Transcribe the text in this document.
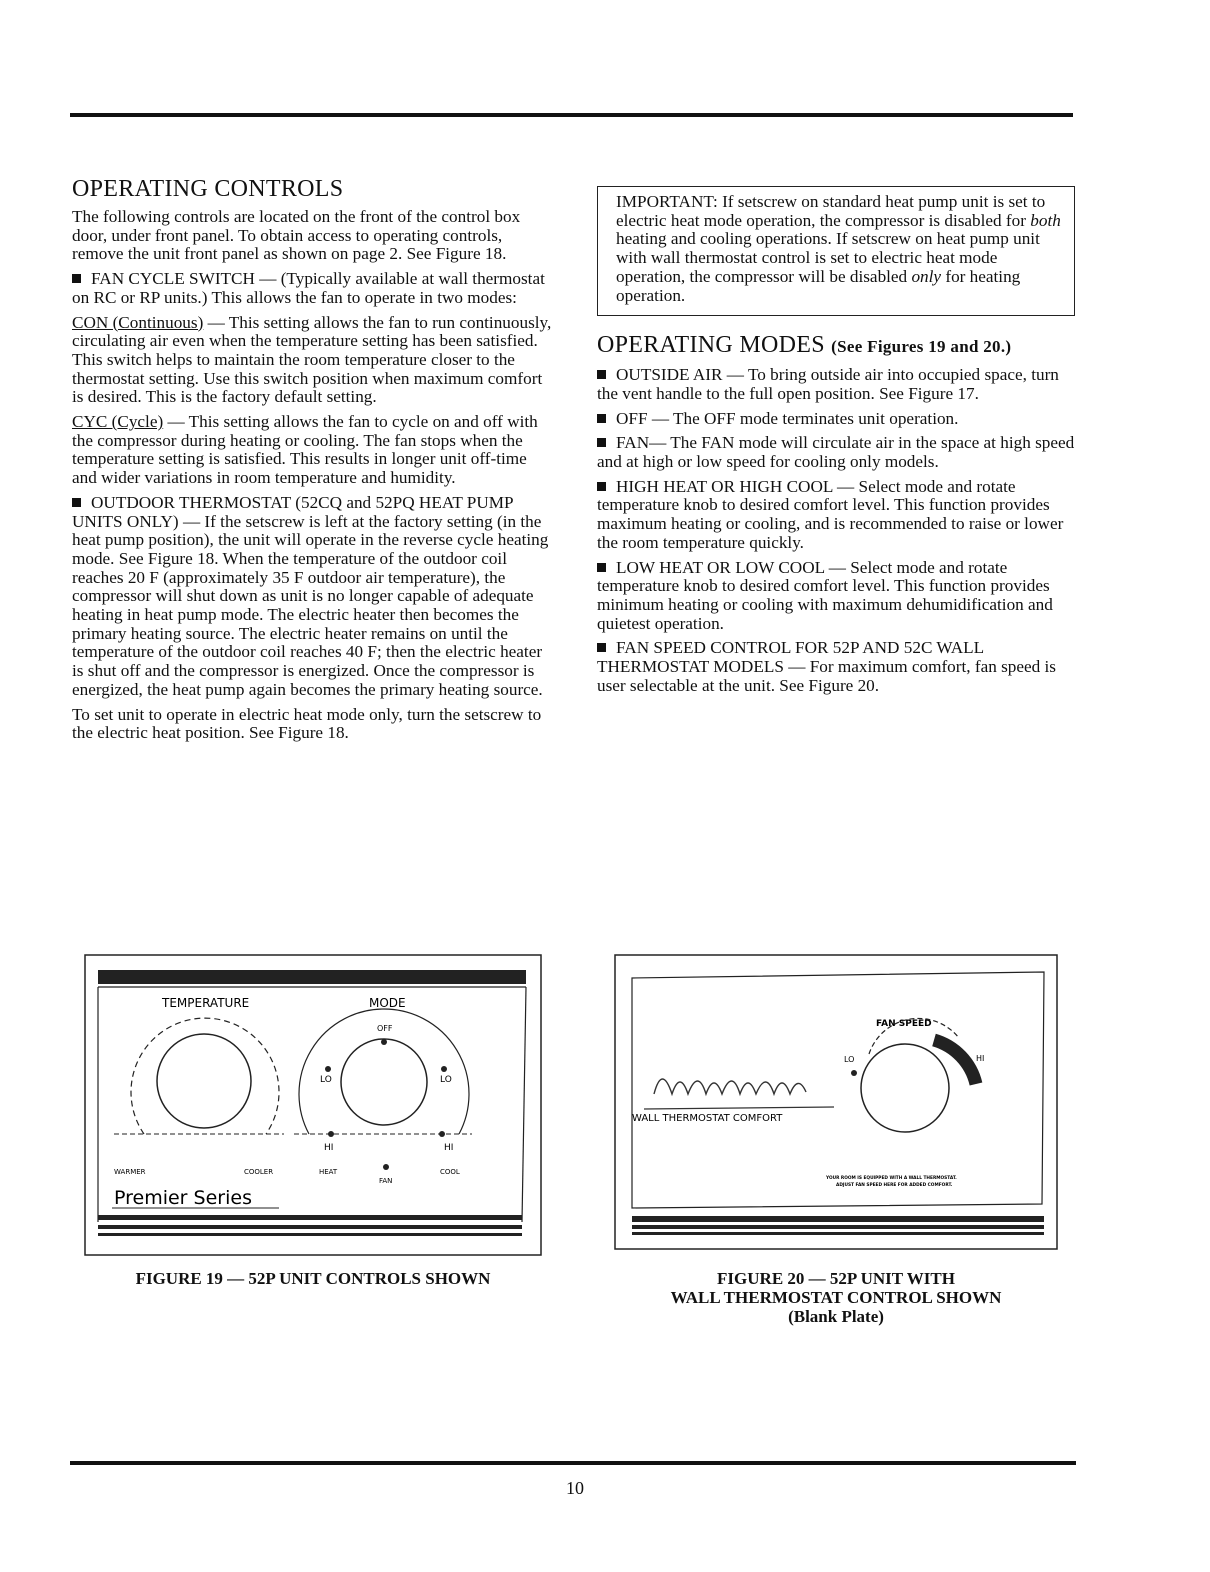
OPERATING CONTROLS

The following controls are located on the front of the control box door, under front panel. To obtain access to operating controls, remove the unit front panel as shown on page 2. See Figure 18.

FAN CYCLE SWITCH — (Typically available at wall thermostat on RC or RP units.) This allows the fan to operate in two modes:

CON (Continuous) — This setting allows the fan to run continuously, circulating air even when the temperature setting has been satisfied. This switch helps to maintain the room temperature closer to the thermostat setting. Use this switch position when maximum comfort is desired. This is the factory default setting.

CYC (Cycle) — This setting allows the fan to cycle on and off with the compressor during heating or cooling. The fan stops when the temperature setting is satisfied. This results in longer unit off-time and wider variations in room temperature and humidity.

OUTDOOR THERMOSTAT (52CQ and 52PQ HEAT PUMP UNITS ONLY) — If the setscrew is left at the factory setting (in the heat pump position), the unit will operate in the reverse cycle heating mode. See Figure 18. When the temperature of the outdoor coil reaches 20 F (approximately 35 F outdoor air temperature), the compressor will shut down as unit is no longer capable of adequate heating in heat pump mode. The electric heater then becomes the primary heating source. The electric heater remains on until the temperature of the outdoor coil reaches 40 F; then the electric heater is shut off and the compressor is energized. Once the compressor is energized, the heat pump again becomes the primary heating source.

To set unit to operate in electric heat mode only, turn the setscrew to the electric heat position. See Figure 18.

IMPORTANT: If setscrew on standard heat pump unit is set to electric heat mode operation, the compressor is disabled for both heating and cooling operations. If setscrew on heat pump unit with wall thermostat control is set to electric heat mode operation, the compressor will be disabled only for heating operation.
OPERATING MODES (See Figures 19 and 20.)

OUTSIDE AIR — To bring outside air into occupied space, turn the vent handle to the full open position. See Figure 17.

OFF — The OFF mode terminates unit operation.

FAN— The FAN mode will circulate air in the space at high speed and at high or low speed for cooling only models.

HIGH HEAT OR HIGH COOL — Select mode and rotate temperature knob to desired comfort level. This function provides maximum heating or cooling, and is recommended to raise or lower the room temperature quickly.

LOW HEAT OR LOW COOL — Select mode and rotate temperature knob to desired comfort level. This function provides minimum heating or cooling with maximum dehumidification and quietest operation.

FAN SPEED CONTROL FOR 52P AND 52C WALL THERMOSTAT MODELS — For maximum comfort, fan speed is user selectable at the unit. See Figure 20.

TEMPERATURE	MODE
OFF
LO	LO
HI	HI
WARMER	COOLER	HEAT
FAN
COOL
Premier Series
FIGURE 19 — 52P UNIT CONTROLS SHOWN
FAN SPEED
LO	HI
WALL THERMOSTAT COMFORT
YOUR ROOM IS EQUIPPED WITH A WALL THERMOSTAT.
ADJUST FAN SPEED HERE FOR ADDED COMFORT.
FIGURE 20 — 52P UNIT WITH
WALL THERMOSTAT CONTROL SHOWN
(Blank Plate)
10
